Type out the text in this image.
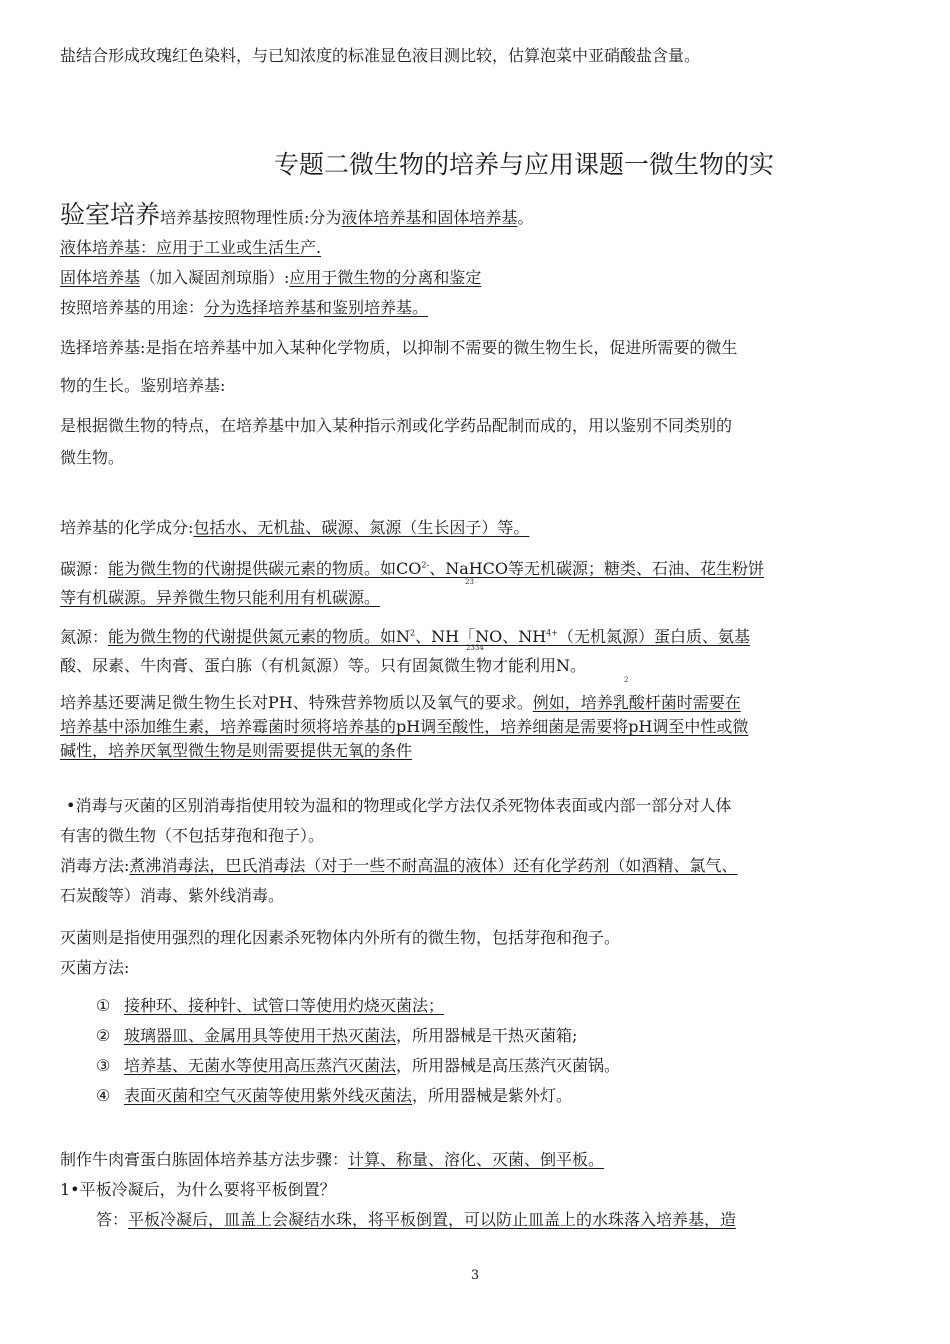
盐结合形成玫瑰红色染料，与已知浓度的标准显色液目测比较，估算泡菜中亚硝酸盐含量。
专题二微生物的培养与应用课题一微生物的实
验室培养培养基按照物理性质:分为液体培养基和固体培养基。
液体培养基：应用于工业或生活生产.
固体培养基（加入凝固剂琼脂）:应用于微生物的分离和鉴定
按照培养基的用途：分为选择培养基和鉴别培养基。
选择培养基:是指在培养基中加入某种化学物质，以抑制不需要的微生物生长，促进所需要的微生
物的生长。鉴别培养基:
是根据微生物的特点，在培养基中加入某种指示剂或化学药品配制而成的，用以鉴别不同类别的
微生物。
培养基的化学成分:包括水、无机盐、碳源、氮源（生长因子）等。
碳源：能为微生物的代谢提供碳元素的物质。如$CO^{2-}$、NaHCO等无机碳源；糖类、石油、花生粉饼
23
等有机碳源。异养微生物只能利用有机碳源。
氮源：能为微生物的代谢提供氮元素的物质。如$N^2$、NH「NO、$NH^{4+}$（无机氮源）蛋白质、氨基
2334
酸、尿素、牛肉膏、蛋白胨（有机氮源）等。只有固氮微生物才能利用N。
2
培养基还要满足微生物生长对PH、特殊营养物质以及氧气的要求。例如，培养乳酸杆菌时需要在
培养基中添加维生素，培养霉菌时须将培养基的pH调至酸性，培养细菌是需要将pH调至中性或微
碱性，培养厌氧型微生物是则需要提供无氧的条件
•消毒与灭菌的区别消毒指使用较为温和的物理或化学方法仅杀死物体表面或内部一部分对人体
有害的微生物（不包括芽孢和孢子）。
消毒方法:煮沸消毒法，巴氏消毒法（对于一些不耐高温的液体）还有化学药剂（如酒精、氯气、
石炭酸等）消毒、紫外线消毒。
灭菌则是指使用强烈的理化因素杀死物体内外所有的微生物，包括芽孢和孢子。
灭菌方法:
① 接种环、接种针、试管口等使用灼烧灭菌法；
② 玻璃器皿、金属用具等使用干热灭菌法，所用器械是干热灭菌箱;
③ 培养基、无菌水等使用高压蒸汽灭菌法，所用器械是高压蒸汽灭菌锅。
④ 表面灭菌和空气灭菌等使用紫外线灭菌法，所用器械是紫外灯。
制作牛肉膏蛋白胨固体培养基方法步骤：计算、称量、溶化、灭菌、倒平板。
1•平板冷凝后，为什么要将平板倒置？
答：平板冷凝后，皿盖上会凝结水珠，将平板倒置，可以防止皿盖上的水珠落入培养基，造
3
